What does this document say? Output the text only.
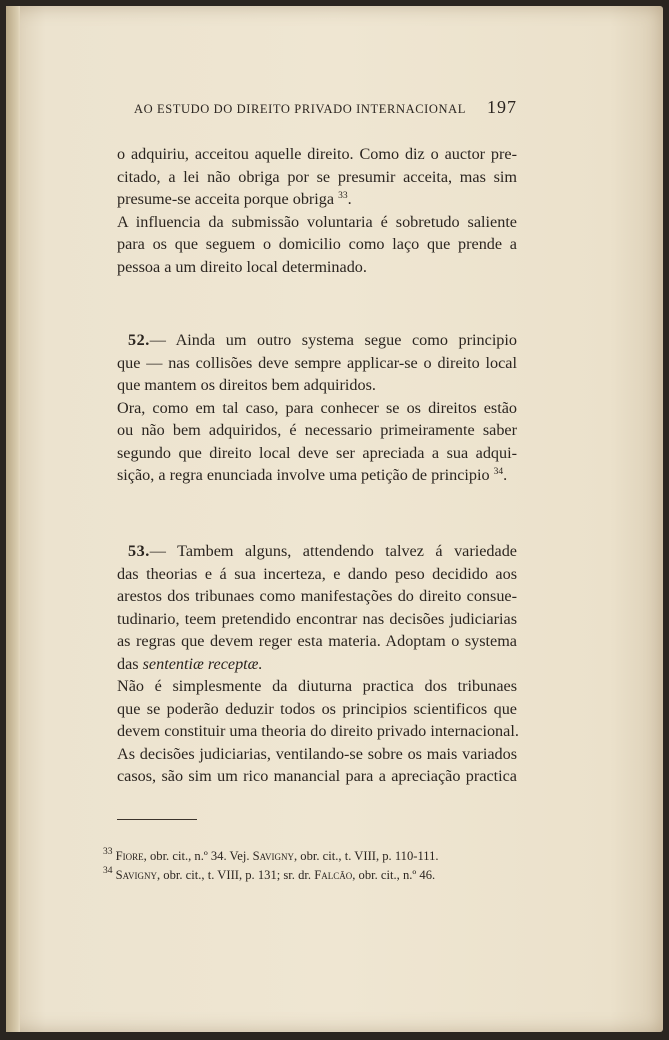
AO ESTUDO DO DIREITO PRIVADO INTERNACIONAL 197
o adquiriu, acceitou aquelle direito. Como diz o auctor pre-
citado, a lei não obriga por se presumir acceita, mas sim
presume-se acceita porque obriga $^{33}$.
A influencia da submissão voluntaria é sobretudo saliente
para os que seguem o domicilio como laço que prende a
pessoa a um direito local determinado.
52.— Ainda um outro systema segue como principio
que — nas collisões deve sempre applicar-se o direito local
que mantem os direitos bem adquiridos.
Ora, como em tal caso, para conhecer se os direitos estão
ou não bem adquiridos, é necessario primeiramente saber
segundo que direito local deve ser apreciada a sua adqui-
sição, a regra enunciada involve uma petição de principio $^{34}$.
53.— Tambem alguns, attendendo talvez á variedade
das theorias e á sua incerteza, e dando peso decidido aos
arestos dos tribunaes como manifestações do direito consue-
tudinario, teem pretendido encontrar nas decisões judiciarias
as regras que devem reger esta materia. Adoptam o systema
das sententiæ receptæ.
Não é simplesmente da diuturna practica dos tribunaes
que se poderão deduzir todos os principios scientificos que
devem constituir uma theoria do direito privado internacional.
As decisões judiciarias, ventilando-se sobre os mais variados
casos, são sim um rico manancial para a apreciação practica
$^{33}$ Fiore, obr. cit., n.º 34. Vej. Savigny, obr. cit., t. VIII, p. 110-111.
$^{34}$ Savigny, obr. cit., t. VIII, p. 131; sr. dr. Falcão, obr. cit., n.º 46.
